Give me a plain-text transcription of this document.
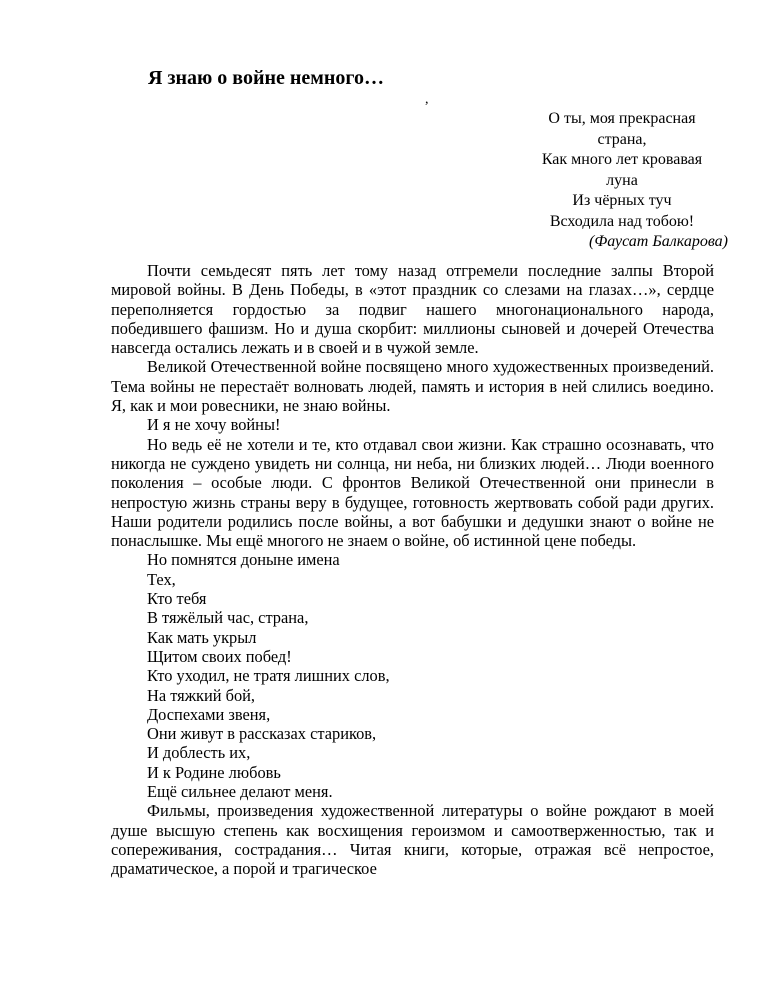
Я знаю о войне немного…
,
О ты, моя прекрасная
страна,
Как много лет кровавая
луна
Из чёрных туч
Всходила над тобою!
(Фаусат Балкарова)

Почти семьдесят пять лет тому назад отгремели последние залпы Второй мировой войны. В День Победы, в «этот праздник со слезами на глазах…», сердце переполняется гордостью за подвиг нашего многонационального народа, победившего фашизм. Но и душа скорбит: миллионы сыновей и дочерей Отечества навсегда остались лежать и в своей и в чужой земле.

Великой Отечественной войне посвящено много художественных произведений. Тема войны не перестаёт волновать людей, память и история в ней слились воедино. Я, как и мои ровесники, не знаю войны.

И я не хочу войны!

Но ведь её не хотели и те, кто отдавал свои жизни. Как страшно осознавать, что никогда не суждено увидеть ни солнца, ни неба, ни близких людей… Люди военного поколения – особые люди. С фронтов Великой Отечественной они принесли в непростую жизнь страны веру в будущее, готовность жертвовать собой ради других. Наши родители родились после войны, а вот бабушки и дедушки знают о войне не понаслышке. Мы ещё многого не знаем о войне, об истинной цене победы.

Но помнятся доныне имена
Тех,
Кто тебя
В тяжёлый час, страна,
Как мать укрыл
Щитом своих побед!
Кто уходил, не тратя лишних слов,
На тяжкий бой,
Доспехами звеня,
Они живут в рассказах стариков,
И доблесть их,
И к Родине любовь
Ещё сильнее делают меня.

Фильмы, произведения художественной литературы о войне рождают в моей душе высшую степень как восхищения героизмом и самоотверженностью, так и сопереживания, сострадания… Читая книги, которые, отражая всё непростое, драматическое, а порой и трагическое
